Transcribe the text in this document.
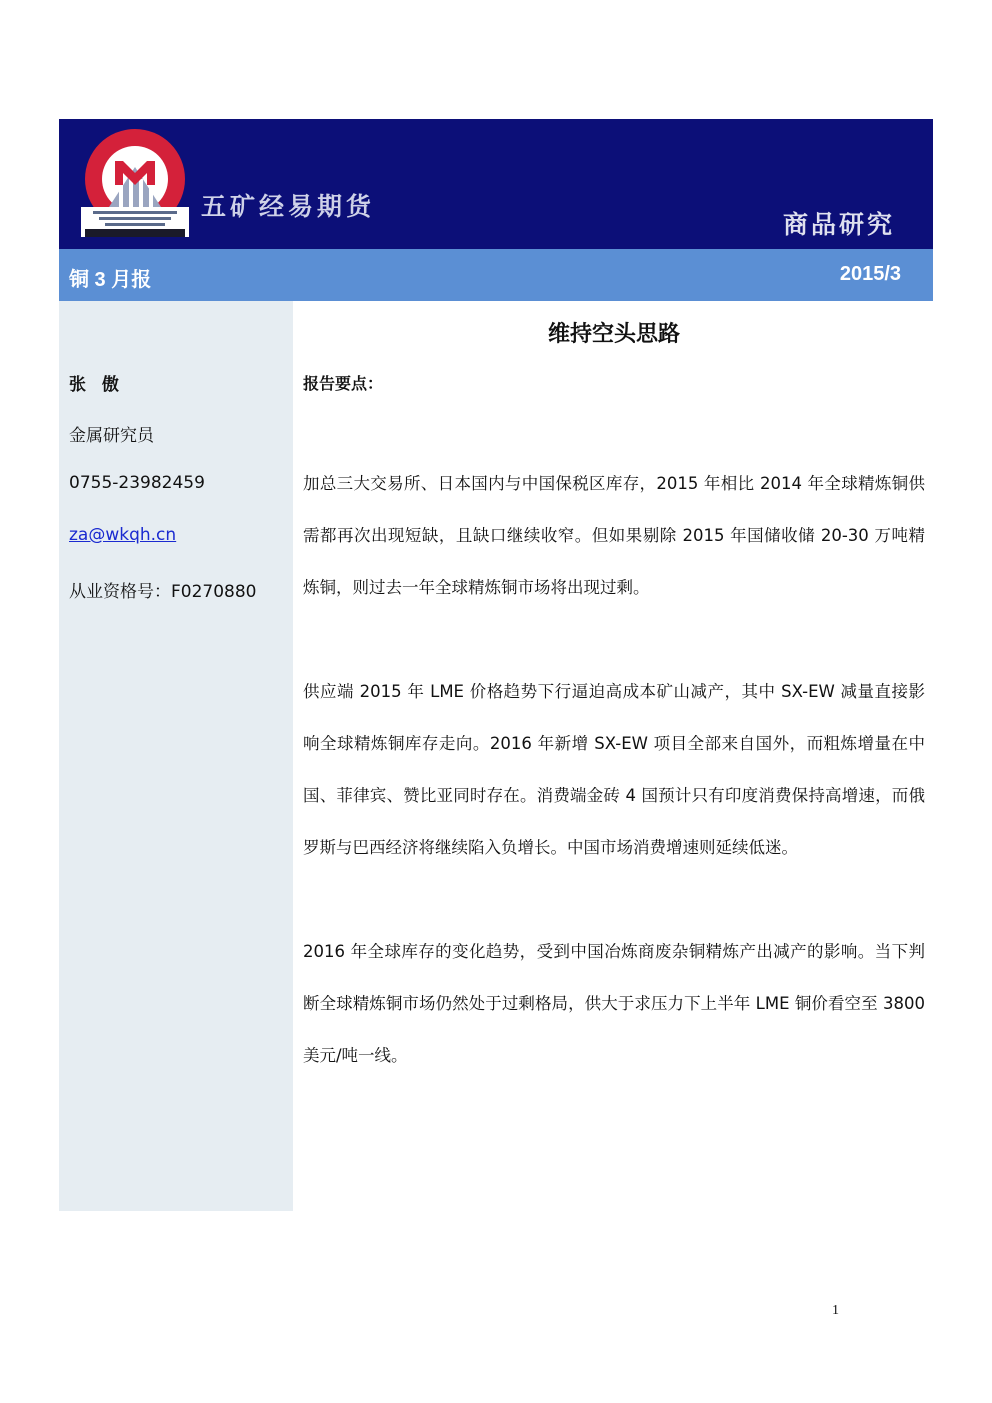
五矿经易期货
商品研究
铜 3 月报	2015/3
张 傲
金属研究员
0755-23982459
za@wkqh.cn
从业资格号：F0270880
维持空头思路
报告要点：

加总三大交易所、日本国内与中国保税区库存，2015 年相比 2014 年全球精炼铜供需都再次出现短缺，且缺口继续收窄。但如果剔除 2015 年国储收储 20-30 万吨精炼铜，则过去一年全球精炼铜市场将出现过剩。

供应端 2015 年 LME 价格趋势下行逼迫高成本矿山减产，其中 SX-EW 减量直接影响全球精炼铜库存走向。2016 年新增 SX-EW 项目全部来自国外，而粗炼增量在中国、菲律宾、赞比亚同时存在。消费端金砖 4 国预计只有印度消费保持高增速，而俄罗斯与巴西经济将继续陷入负增长。中国市场消费增速则延续低迷。

2016 年全球库存的变化趋势，受到中国冶炼商废杂铜精炼产出减产的影响。当下判断全球精炼铜市场仍然处于过剩格局，供大于求压力下上半年 LME 铜价看空至 3800 美元/吨一线。

1
